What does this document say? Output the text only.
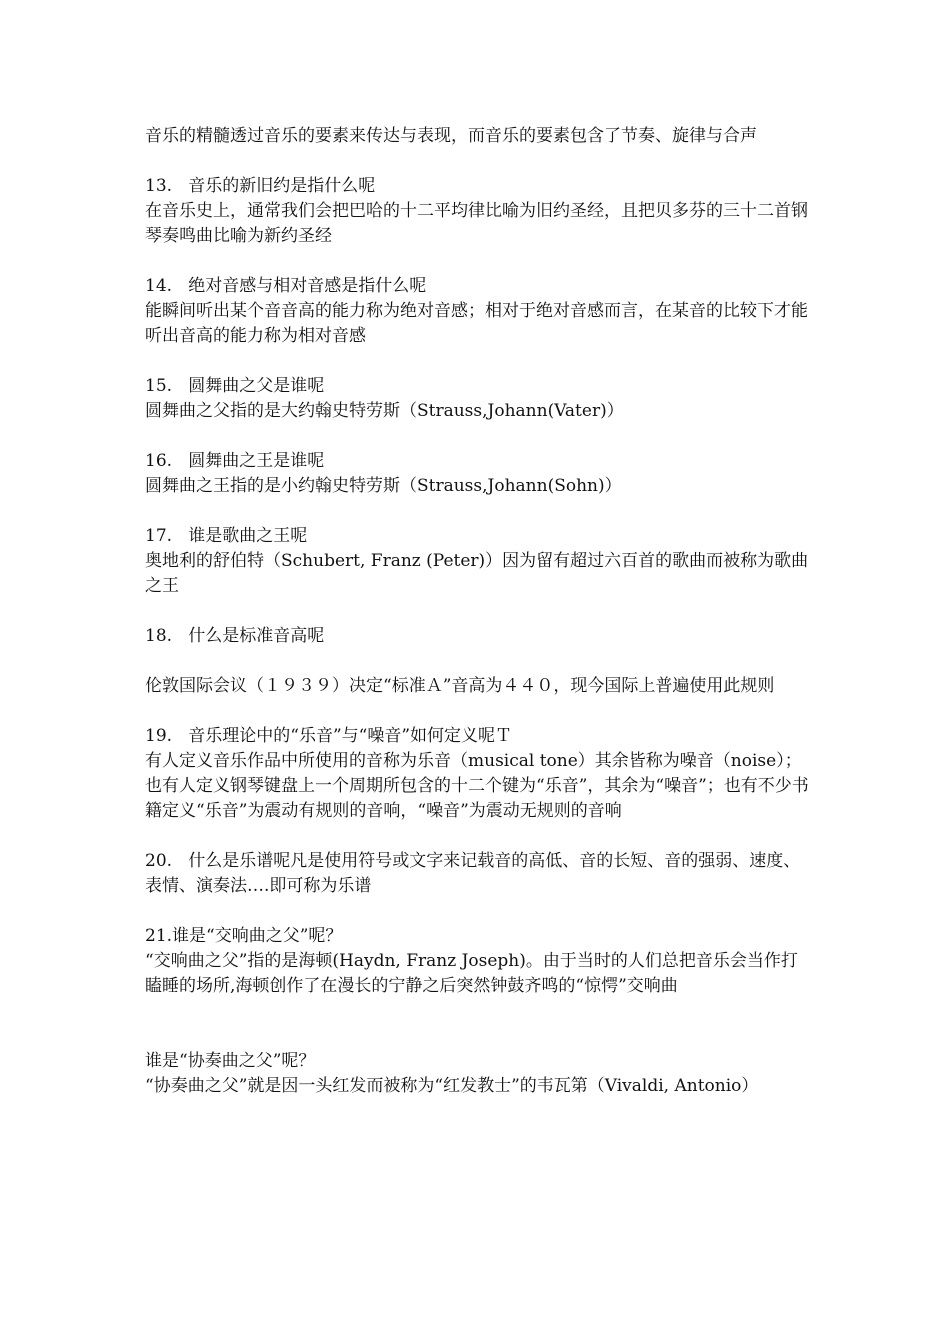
音乐的精髓透过音乐的要素来传达与表现，而音乐的要素包含了节奏、旋律与合声

13.   音乐的新旧约是指什么呢

在音乐史上，通常我们会把巴哈的十二平均律比喻为旧约圣经，且把贝多芬的三十二首钢琴奏鸣曲比喻为新约圣经

14.   绝对音感与相对音感是指什么呢

能瞬间听出某个音音高的能力称为绝对音感；相对于绝对音感而言，在某音的比较下才能听出音高的能力称为相对音感

15.   圆舞曲之父是谁呢

圆舞曲之父指的是大约翰史特劳斯（Strauss,Johann(Vater)）

16.   圆舞曲之王是谁呢

圆舞曲之王指的是小约翰史特劳斯（Strauss,Johann(Sohn)）

17.   谁是歌曲之王呢

奥地利的舒伯特（Schubert, Franz (Peter)）因为留有超过六百首的歌曲而被称为歌曲之王

18.   什么是标准音高呢

伦敦国际会议（１９３９）决定“标准Ａ”音高为４４０，现今国际上普遍使用此规则

19.   音乐理论中的“乐音”与“噪音”如何定义呢Ｔ

有人定义音乐作品中所使用的音称为乐音（musical tone）其余皆称为噪音（noise）；也有人定义钢琴键盘上一个周期所包含的十二个键为“乐音”，其余为“噪音”；也有不少书籍定义“乐音”为震动有规则的音响，“噪音”为震动无规则的音响

20.   什么是乐谱呢凡是使用符号或文字来记载音的高低、音的长短、音的强弱、速度、表情、演奏法….即可称为乐谱

21.谁是“交响曲之父”呢？

“交响曲之父”指的是海顿(Haydn, Franz Joseph)。由于当时的人们总把音乐会当作打瞌睡的场所,海顿创作了在漫长的宁静之后突然钟鼓齐鸣的“惊愕”交响曲

谁是“协奏曲之父”呢？

“协奏曲之父”就是因一头红发而被称为“红发教士”的韦瓦第（Vivaldi, Antonio）
